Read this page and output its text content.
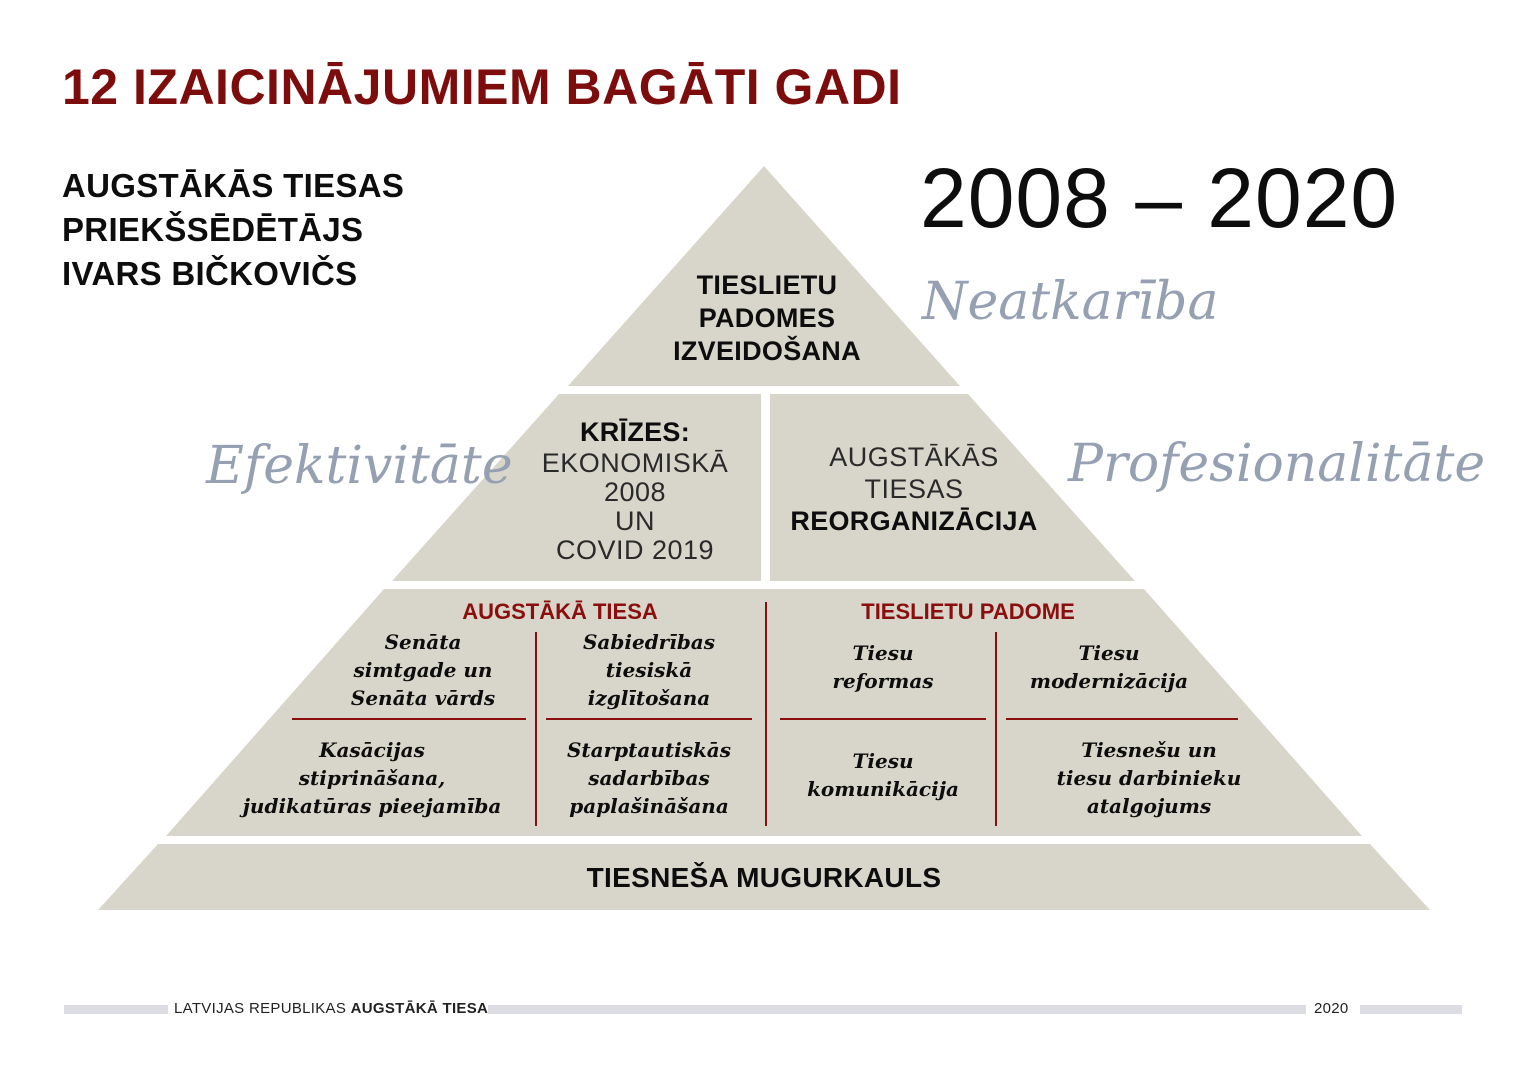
12 IZAICINĀJUMIEM BAGĀTI GADI
AUGSTĀKĀS TIESAS
PRIEKŠSĒDĒTĀJS
IVARS BIČKOVIČS
2008 – 2020
Neatkarība
Efektivitāte	Profesionalitāte
TIESLIETU
PADOMES
IZVEIDOŠANA
KRĪZES:
EKONOMISKĀ
2008
UN
COVID 2019
AUGSTĀKĀS
TIESAS
REORGANIZĀCIJA
AUGSTĀKĀ TIESA	TIESLIETU PADOME
Senāta
simtgade un
Senāta vārds
Sabiedrības
tiesiskā
izglītošana
Kasācijas
stiprināšana,
judikatūras pieejamība
Starptautiskās
sadarbības
paplašināšana
Tiesu
reformas
Tiesu
modernizācija
Tiesu
komunikācija
Tiesnešu un
tiesu darbinieku
atalgojums
TIESNEŠA MUGURKAULS
LATVIJAS REPUBLIKAS AUGSTĀKĀ TIESA	2020
